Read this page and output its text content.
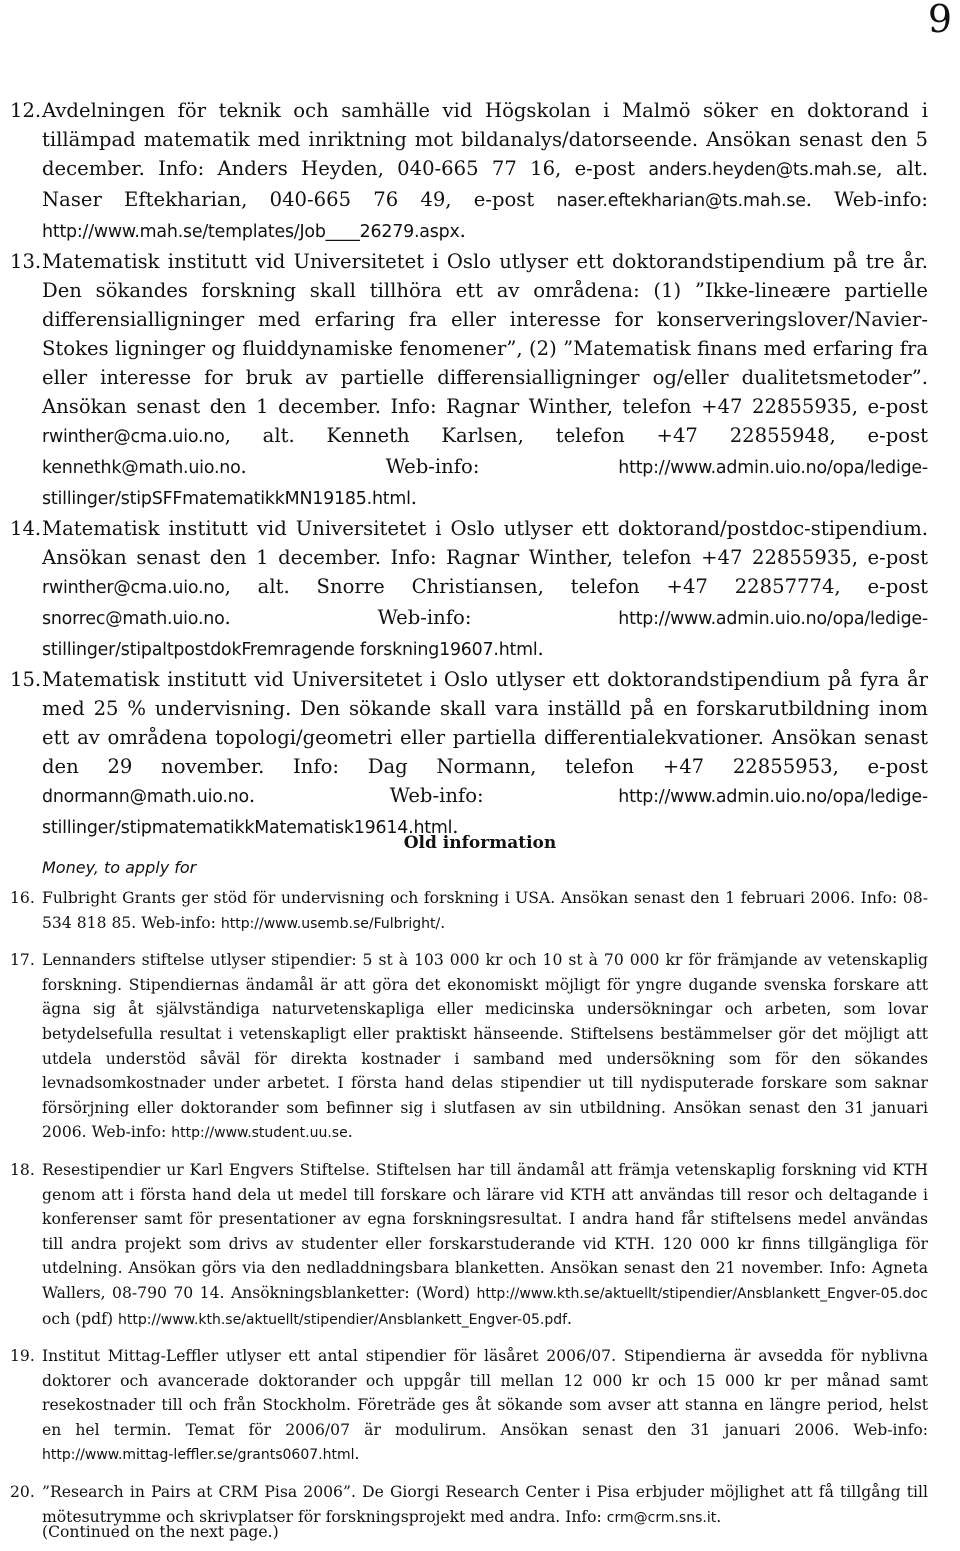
9
12. Avdelningen för teknik och samhälle vid Högskolan i Malmö söker en doktorand i tillämpad matematik med inriktning mot bildanalys/datorseende. Ansökan senast den 5 december. Info: Anders Heyden, 040-665 77 16, e-post anders.heyden@ts.mah.se, alt. Naser Eftekharian, 040-665 76 49, e-post naser.eftekharian@ts.mah.se. Web-info: http://www.mah.se/templates/Job____26279.aspx.
13. Matematisk institutt vid Universitetet i Oslo utlyser ett doktorandstipendium på tre år. Den sökandes forskning skall tillhöra ett av områdena: (1) ”Ikke-lineære partielle differensialligninger med erfaring fra eller interesse for konserveringslover/Navier-Stokes ligninger og fluiddynamiske fenomener”, (2) ”Matematisk finans med erfaring fra eller interesse for bruk av partielle differensialligninger og/eller dualitetsmetoder”. Ansökan senast den 1 december. Info: Ragnar Winther, telefon +47 22855935, e-post rwinther@cma.uio.no, alt. Kenneth Karlsen, telefon +47 22855948, e-post kennethk@math.uio.no. Web-info: http://www.admin.uio.no/opa/ledige-stillinger/stipSFFmatematikkMN19185.html.
14. Matematisk institutt vid Universitetet i Oslo utlyser ett doktorand/postdoc-stipendium. Ansökan senast den 1 december. Info: Ragnar Winther, telefon +47 22855935, e-post rwinther@cma.uio.no, alt. Snorre Christiansen, telefon +47 22857774, e-post snorrec@math.uio.no. Web-info: http://www.admin.uio.no/opa/ledige-stillinger/stipaltpostdokFremragende forskning19607.html.
15. Matematisk institutt vid Universitetet i Oslo utlyser ett doktorandstipendium på fyra år med 25 % undervisning. Den sökande skall vara inställd på en forskarutbildning inom ett av områdena topologi/geometri eller partiella differentialekvationer. Ansökan senast den 29 november. Info: Dag Normann, telefon +47 22855953, e-post dnormann@math.uio.no. Web-info: http://www.admin.uio.no/opa/ledige-stillinger/stipmatematikkMatematisk19614.html.
Old information
Money, to apply for
16. Fulbright Grants ger stöd för undervisning och forskning i USA. Ansökan senast den 1 februari 2006. Info: 08-534 818 85. Web-info: http://www.usemb.se/Fulbright/.
17. Lennanders stiftelse utlyser stipendier: 5 st à 103 000 kr och 10 st à 70 000 kr för främjande av vetenskaplig forskning. Stipendiernas ändamål är att göra det ekonomiskt möjligt för yngre dugande svenska forskare att ägna sig åt självständiga naturvetenskapliga eller medicinska undersökningar och arbeten, som lovar betydelsefulla resultat i vetenskapligt eller praktiskt hänseende. Stiftelsens bestämmelser gör det möjligt att utdela understöd såväl för direkta kostnader i samband med undersökning som för den sökandes levnadsomkostnader under arbetet. I första hand delas stipendier ut till nydisputerade forskare som saknar försörjning eller doktorander som befinner sig i slutfasen av sin utbildning. Ansökan senast den 31 januari 2006. Web-info: http://www.student.uu.se.
18. Resestipendier ur Karl Engvers Stiftelse. Stiftelsen har till ändamål att främja vetenskaplig forskning vid KTH genom att i första hand dela ut medel till forskare och lärare vid KTH att användas till resor och deltagande i konferenser samt för presentationer av egna forskningsresultat. I andra hand får stiftelsens medel användas till andra projekt som drivs av studenter eller forskarstuderande vid KTH. 120 000 kr finns tillgängliga för utdelning. Ansökan görs via den nedladdningsbara blanketten. Ansökan senast den 21 november. Info: Agneta Wallers, 08-790 70 14. Ansökningsblanketter: (Word) http://www.kth.se/aktuellt/stipendier/Ansblankett_Engver-05.doc och (pdf) http://www.kth.se/aktuellt/stipendier/Ansblankett_Engver-05.pdf.
19. Institut Mittag-Leffler utlyser ett antal stipendier för läsåret 2006/07. Stipendierna är avsedda för nyblivna doktorer och avancerade doktorander och uppgår till mellan 12 000 kr och 15 000 kr per månad samt resekostnader till och från Stockholm. Företräde ges åt sökande som avser att stanna en längre period, helst en hel termin. Temat för 2006/07 är modulirum. Ansökan senast den 31 januari 2006. Web-info: http://www.mittag-leffler.se/grants0607.html.
20. ”Research in Pairs at CRM Pisa 2006”. De Giorgi Research Center i Pisa erbjuder möjlighet att få tillgång till mötesutrymme och skrivplatser för forskningsprojekt med andra. Info: crm@crm.sns.it.
(Continued on the next page.)
